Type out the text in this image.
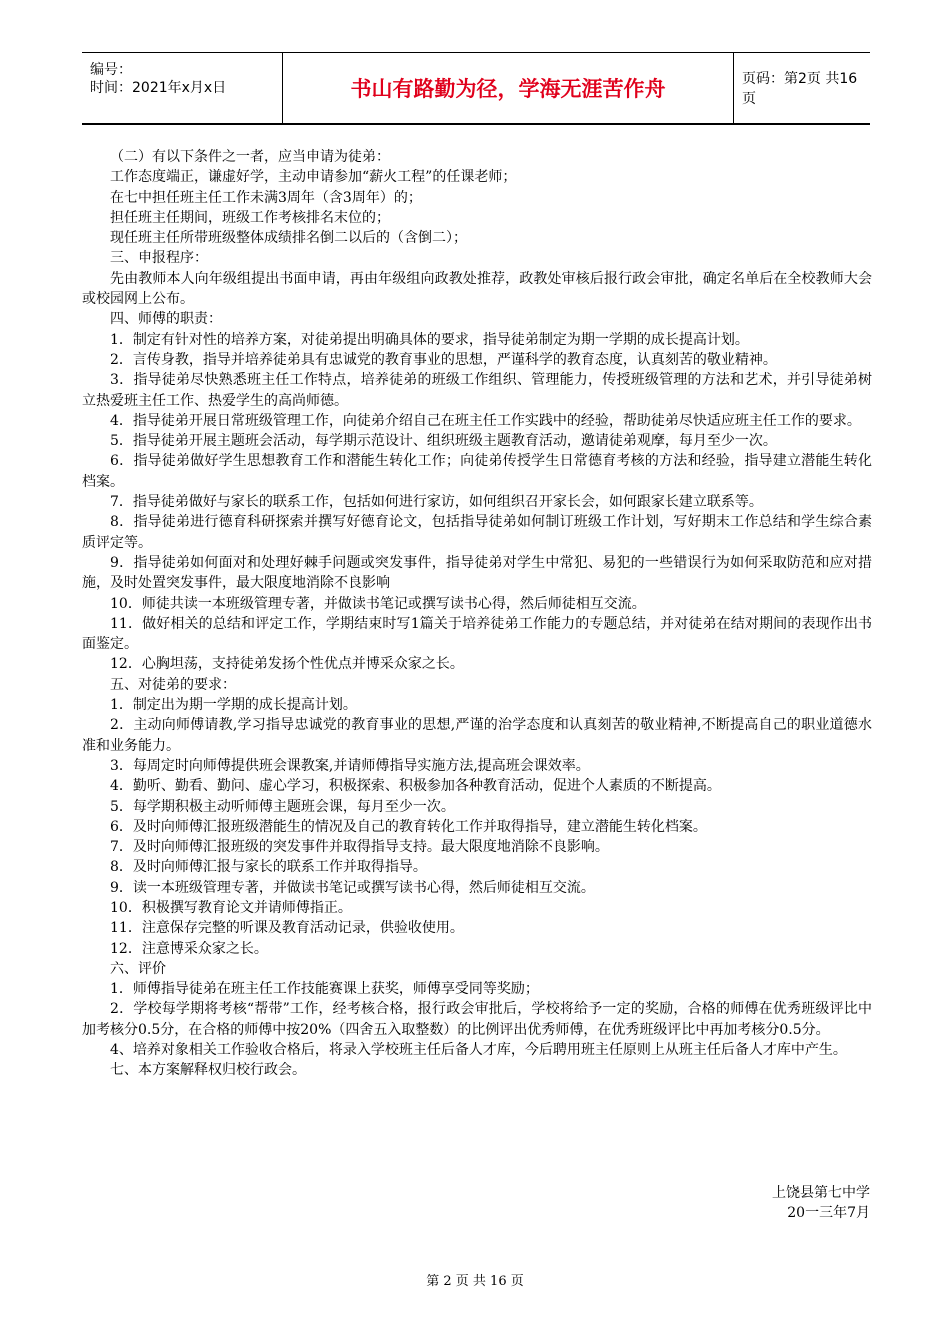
编号：
时间：2021年x月x日	书山有路勤为径，学海无涯苦作舟	页码：第2页 共16页

（二）有以下条件之一者，应当申请为徒弟：

工作态度端正，谦虚好学，主动申请参加“薪火工程”的任课老师；

在七中担任班主任工作未满3周年（含3周年）的；

担任班主任期间，班级工作考核排名末位的；

现任班主任所带班级整体成绩排名倒二以后的（含倒二）；

三、申报程序：

先由教师本人向年级组提出书面申请，再由年级组向政教处推荐，政教处审核后报行政会审批，确定名单后在全校教师大会或校园网上公布。

四、师傅的职责：

1．制定有针对性的培养方案，对徒弟提出明确具体的要求，指导徒弟制定为期一学期的成长提高计划。

2．言传身教，指导并培养徒弟具有忠诚党的教育事业的思想，严谨科学的教育态度，认真刻苦的敬业精神。

3．指导徒弟尽快熟悉班主任工作特点，培养徒弟的班级工作组织、管理能力，传授班级管理的方法和艺术，并引导徒弟树立热爱班主任工作、热爱学生的高尚师德。

4．指导徒弟开展日常班级管理工作，向徒弟介绍自己在班主任工作实践中的经验，帮助徒弟尽快适应班主任工作的要求。

5．指导徒弟开展主题班会活动，每学期示范设计、组织班级主题教育活动，邀请徒弟观摩，每月至少一次。

6．指导徒弟做好学生思想教育工作和潜能生转化工作；向徒弟传授学生日常德育考核的方法和经验，指导建立潜能生转化档案。

7．指导徒弟做好与家长的联系工作，包括如何进行家访，如何组织召开家长会，如何跟家长建立联系等。

8．指导徒弟进行德育科研探索并撰写好德育论文，包括指导徒弟如何制订班级工作计划，写好期末工作总结和学生综合素质评定等。

9．指导徒弟如何面对和处理好棘手问题或突发事件，指导徒弟对学生中常犯、易犯的一些错误行为如何采取防范和应对措施，及时处置突发事件，最大限度地消除不良影响

10．师徒共读一本班级管理专著，并做读书笔记或撰写读书心得，然后师徒相互交流。

11．做好相关的总结和评定工作，学期结束时写1篇关于培养徒弟工作能力的专题总结，并对徒弟在结对期间的表现作出书面鉴定。

12．心胸坦荡，支持徒弟发扬个性优点并博采众家之长。

五、对徒弟的要求：

1．制定出为期一学期的成长提高计划。

2．主动向师傅请教,学习指导忠诚党的教育事业的思想,严谨的治学态度和认真刻苦的敬业精神,不断提高自己的职业道德水准和业务能力。

3．每周定时向师傅提供班会课教案,并请师傅指导实施方法,提高班会课效率。

4．勤听、勤看、勤问、虚心学习，积极探索、积极参加各种教育活动，促进个人素质的不断提高。

5．每学期积极主动听师傅主题班会课，每月至少一次。

6．及时向师傅汇报班级潜能生的情况及自己的教育转化工作并取得指导，建立潜能生转化档案。

7．及时向师傅汇报班级的突发事件并取得指导支持。最大限度地消除不良影响。

8．及时向师傅汇报与家长的联系工作并取得指导。

9．读一本班级管理专著，并做读书笔记或撰写读书心得，然后师徒相互交流。

10．积极撰写教育论文并请师傅指正。

11．注意保存完整的听课及教育活动记录，供验收使用。

12．注意博采众家之长。

六、评价

1．师傅指导徒弟在班主任工作技能赛课上获奖，师傅享受同等奖励；

2．学校每学期将考核“帮带”工作，经考核合格，报行政会审批后，学校将给予一定的奖励，合格的师傅在优秀班级评比中加考核分0.5分，在合格的师傅中按20%（四舍五入取整数）的比例评出优秀师傅，在优秀班级评比中再加考核分0.5分。

4、培养对象相关工作验收合格后，将录入学校班主任后备人才库，今后聘用班主任原则上从班主任后备人才库中产生。

七、本方案解释权归校行政会。

上饶县第七中学
20一三年7月
第 2 页 共 16 页
